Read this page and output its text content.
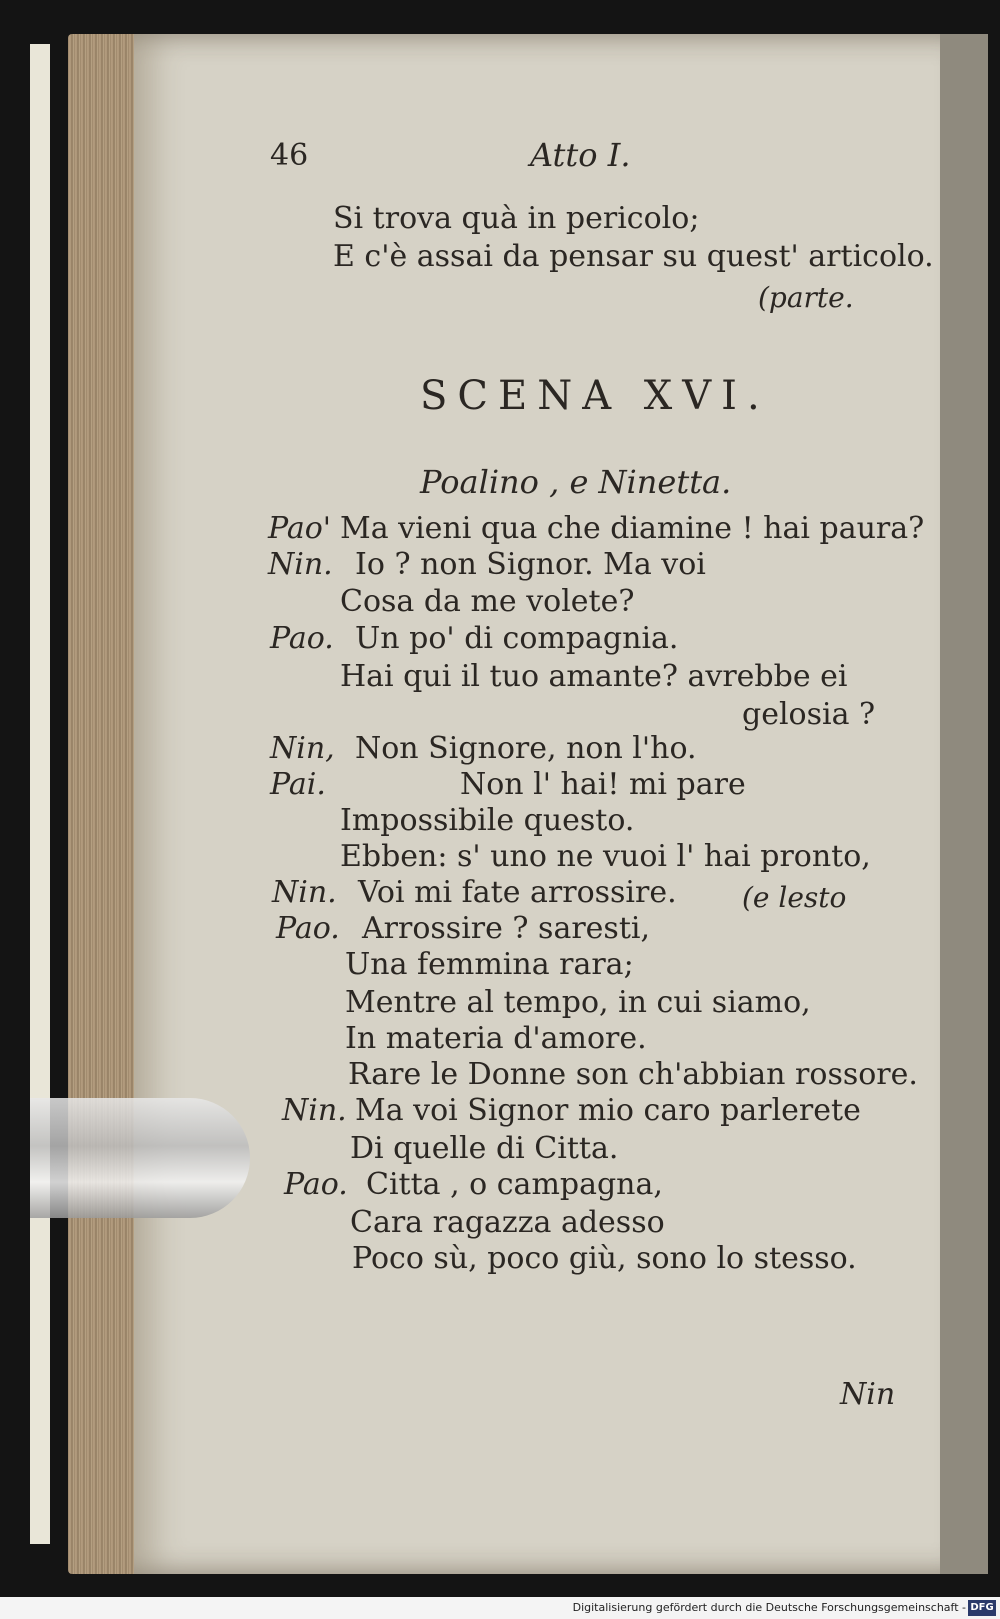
46	Atto I.
Si trova quà in pericolo;
E c'è assai da pensar su quest' articolo.
(parte.
SCENA XVI.
Poalino , e Ninetta.
Pao' Ma vieni qua che diamine ! hai paura?
Nin. Io ? non Signor. Ma voi
Cosa da me volete?
Pao. Un po' di compagnia.
Hai qui il tuo amante? avrebbe ei
gelosia ?
Nin, Non Signore, non l'ho.
Pai.	Non l' hai! mi pare
Impossibile questo.
Ebben: s' uno ne vuoi l' hai pronto,
Nin. Voi mi fate arrossire. (e lesto
Pao. Arrossire ? saresti,
Una femmina rara;
Mentre al tempo, in cui siamo,
In materia d'amore.
Rare le Donne son ch'abbian rossore.
Nin. Ma voi Signor mio caro parlerete
Di quelle di Citta.
Pao. Citta , o campagna,
Cara ragazza adesso
Poco sù, poco giù, sono lo stesso.
Nin
Digitalisierung gefördert durch die Deutsche Forschungsgemeinschaft - DFG
